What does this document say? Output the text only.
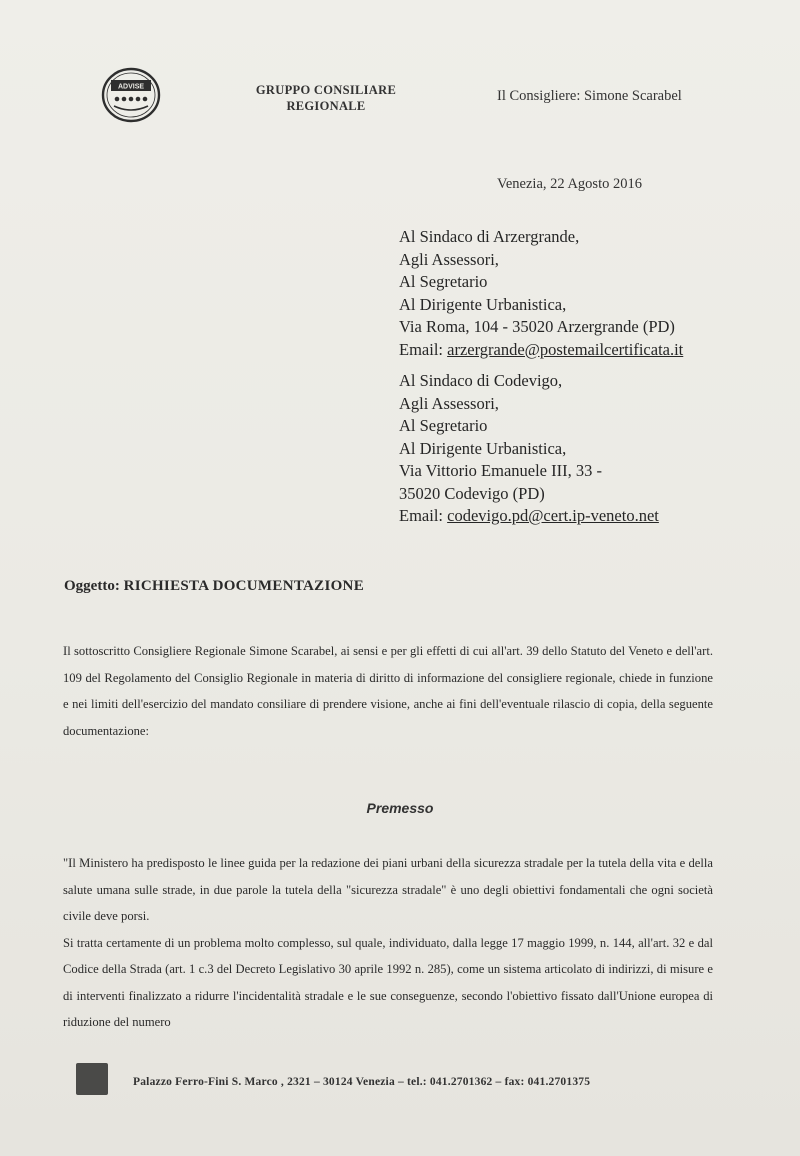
ADVISE	GRUPPO CONSILIARE
REGIONALE
Il Consigliere: Simone Scarabel
Venezia, 22 Agosto 2016
Al Sindaco di Arzergrande,
Agli Assessori,
Al Segretario
Al Dirigente Urbanistica,
Via Roma, 104 - 35020 Arzergrande (PD)
Email: arzergrande@postemailcertificata.it
Al Sindaco di Codevigo,
Agli Assessori,
Al Segretario
Al Dirigente Urbanistica,
Via Vittorio Emanuele III, 33 -
35020 Codevigo (PD)
Email: codevigo.pd@cert.ip-veneto.net
Oggetto: RICHIESTA DOCUMENTAZIONE
Il sottoscritto Consigliere Regionale Simone Scarabel, ai sensi e per gli effetti di cui all'art. 39 dello Statuto del Veneto e dell'art. 109 del Regolamento del Consiglio Regionale in materia di diritto di informazione del consigliere regionale, chiede in funzione e nei limiti dell'esercizio del mandato consiliare di prendere visione, anche ai fini dell'eventuale rilascio di copia, della seguente documentazione:
Premesso

"Il Ministero ha predisposto le linee guida per la redazione dei piani urbani della sicurezza stradale per la tutela della vita e della salute umana sulle strade, in due parole la tutela della "sicurezza stradale" è uno degli obiettivi fondamentali che ogni società civile deve porsi.

Si tratta certamente di un problema molto complesso, sul quale, individuato, dalla legge 17 maggio 1999, n. 144, all'art. 32 e dal Codice della Strada (art. 1 c.3 del Decreto Legislativo 30 aprile 1992 n. 285), come un sistema articolato di indirizzi, di misure e di interventi finalizzato a ridurre l'incidentalità stradale e le sue conseguenze, secondo l'obiettivo fissato dall'Unione europea di riduzione del numero

Palazzo Ferro-Fini S. Marco , 2321 – 30124 Venezia – tel.: 041.2701362 – fax: 041.2701375
